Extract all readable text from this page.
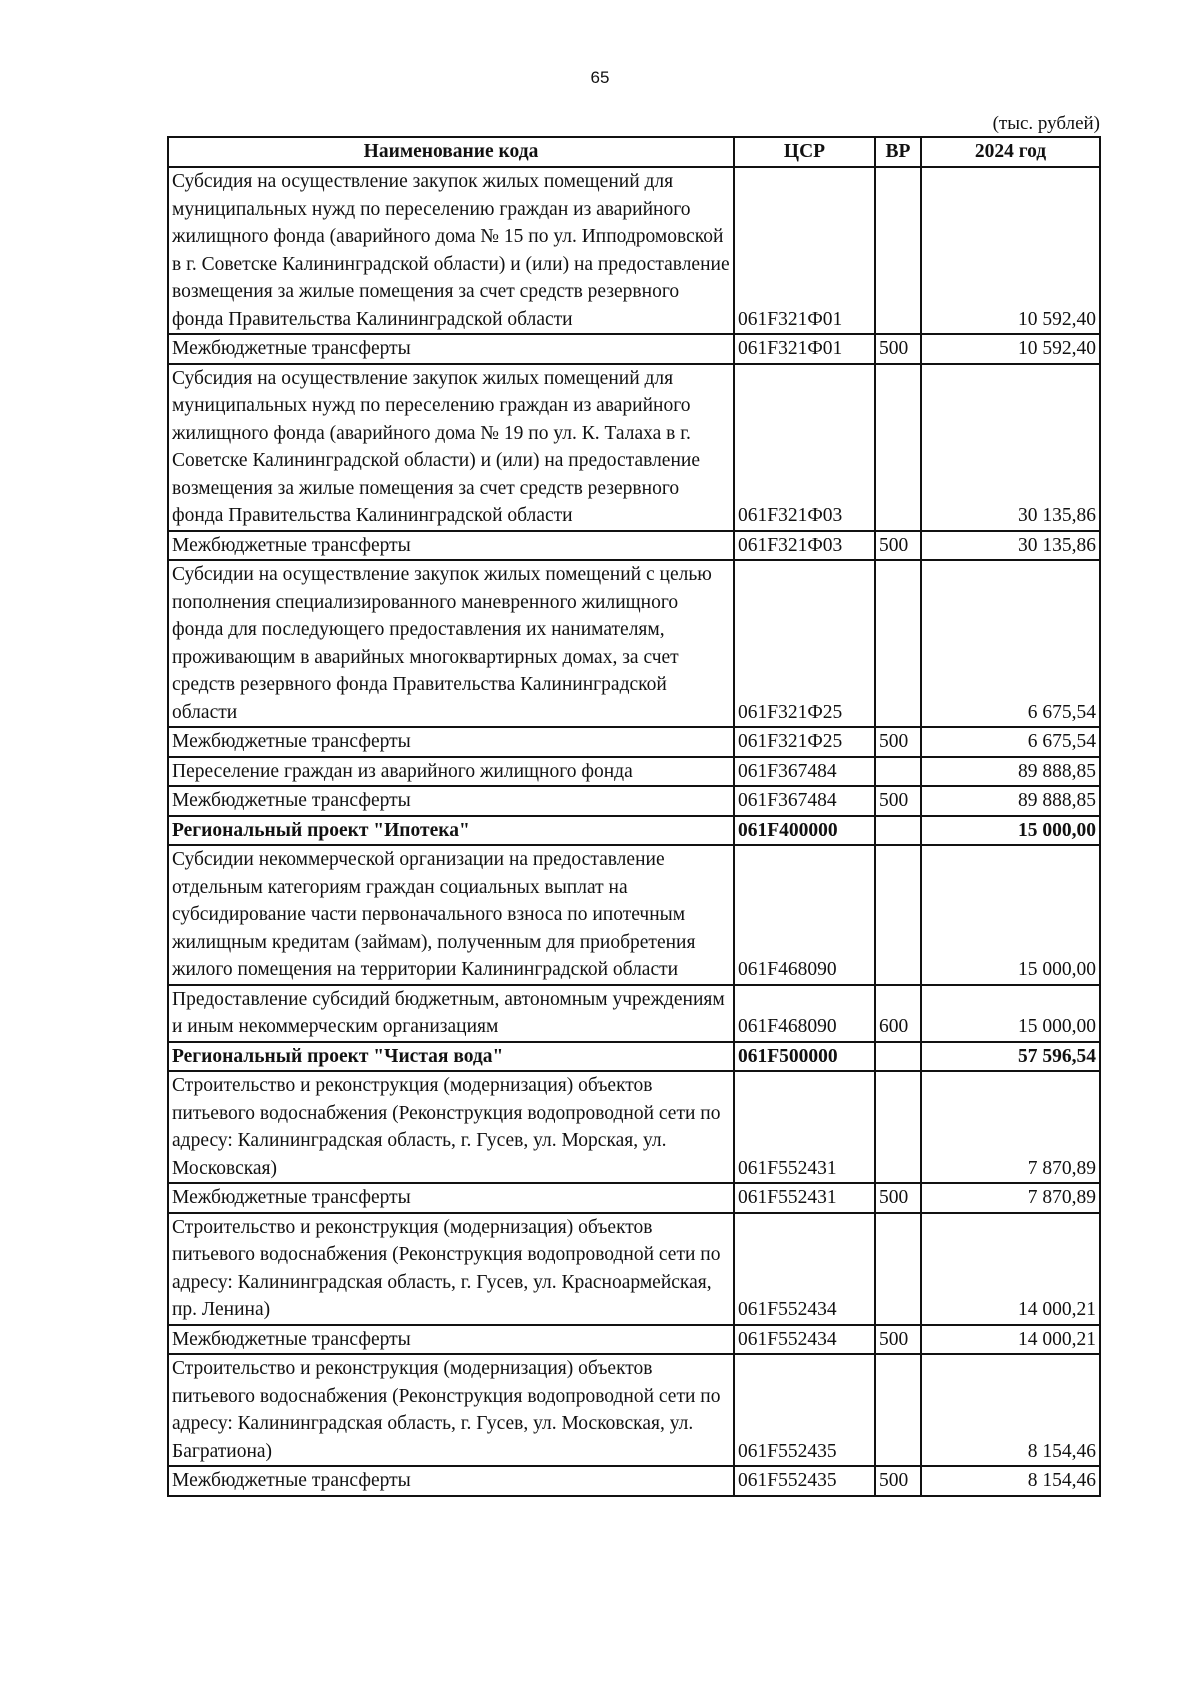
65
(тыс. рублей)
Наименование кода	ЦСР	ВР	2024 год
Субсидия на осуществление закупок жилых помещений для муниципальных нужд по переселению граждан из аварийного жилищного фонда (аварийного дома № 15 по ул. Ипподромовской в г. Советске Калининградской области) и (или) на предоставление возмещения за жилые помещения за счет средств резервного фонда Правительства Калининградской области	061F321Ф01		10 592,40
Межбюджетные трансферты	061F321Ф01	500	10 592,40
Субсидия на осуществление закупок жилых помещений для муниципальных нужд по переселению граждан из аварийного жилищного фонда (аварийного дома № 19 по ул. К. Талаха в г. Советске Калининградской области) и (или) на предоставление возмещения за жилые помещения за счет средств резервного фонда Правительства Калининградской области	061F321Ф03		30 135,86
Межбюджетные трансферты	061F321Ф03	500	30 135,86
Субсидии на осуществление закупок жилых помещений с целью пополнения специализированного маневренного жилищного фонда для последующего предоставления их нанимателям, проживающим в аварийных многоквартирных домах, за счет средств резервного фонда Правительства Калининградской области	061F321Ф25		6 675,54
Межбюджетные трансферты	061F321Ф25	500	6 675,54
Переселение граждан из аварийного жилищного фонда	061F367484		89 888,85
Межбюджетные трансферты	061F367484	500	89 888,85
Региональный проект "Ипотека"	061F400000		15 000,00
Субсидии некоммерческой организации на предоставление отдельным категориям граждан социальных выплат на субсидирование части первоначального взноса по ипотечным жилищным кредитам (займам), полученным для приобретения жилого помещения на территории Калининградской области	061F468090		15 000,00
Предоставление субсидий бюджетным, автономным учреждениям и иным некоммерческим организациям	061F468090	600	15 000,00
Региональный проект "Чистая вода"	061F500000		57 596,54
Строительство и реконструкция (модернизация) объектов питьевого водоснабжения (Реконструкция водопроводной сети по адресу: Калининградская область, г. Гусев, ул. Морская, ул. Московская)	061F552431		7 870,89
Межбюджетные трансферты	061F552431	500	7 870,89
Строительство и реконструкция (модернизация) объектов питьевого водоснабжения (Реконструкция водопроводной сети по адресу: Калининградская область, г. Гусев, ул. Красноармейская, пр. Ленина)	061F552434		14 000,21
Межбюджетные трансферты	061F552434	500	14 000,21
Строительство и реконструкция (модернизация) объектов питьевого водоснабжения (Реконструкция водопроводной сети по адресу: Калининградская область, г. Гусев, ул. Московская, ул. Багратиона)	061F552435		8 154,46
Межбюджетные трансферты	061F552435	500	8 154,46
